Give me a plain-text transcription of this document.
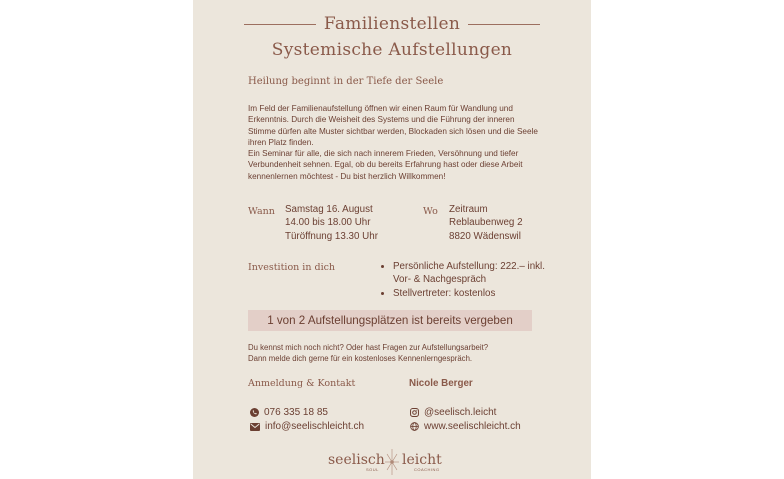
Familienstellen
Systemische Aufstellungen
Heilung beginnt in der Tiefe der Seele

Im Feld der Familienaufstellung öffnen wir einen Raum für Wandlung und Erkenntnis. Durch die Weisheit des Systems und die Führung der inneren Stimme dürfen alte Muster sichtbar werden, Blockaden sich lösen und die Seele ihren Platz finden.

Ein Seminar für alle, die sich nach innerem Frieden, Versöhnung und tiefer Verbundenheit sehnen. Egal, ob du bereits Erfahrung hast oder diese Arbeit kennenlernen möchtest - Du bist herzlich Willkommen!

Wann Samstag 16. August
14.00 bis 18.00 Uhr
Türöffnung 13.30 Uhr
Wo Zeitraum
Reblaubenweg 2
8820 Wädenswil
Investition in dich
•	Persönliche Aufstellung: 222.– inkl. Vor- & Nachgespräch
• Stellvertreter: kostenlos
1 von 2 Aufstellungsplätzen ist bereits vergeben
Du kennst mich noch nicht? Oder hast Fragen zur Aufstellungsarbeit?
Dann melde dich gerne für ein kostenloses Kennenlerngespräch.
Anmeldung & Kontakt	Nicole Berger
076 335 18 85
info@seelischleicht.ch
@seelisch.leicht
www.seelischleicht.ch
seelisch leicht
SOUL	COACHING
